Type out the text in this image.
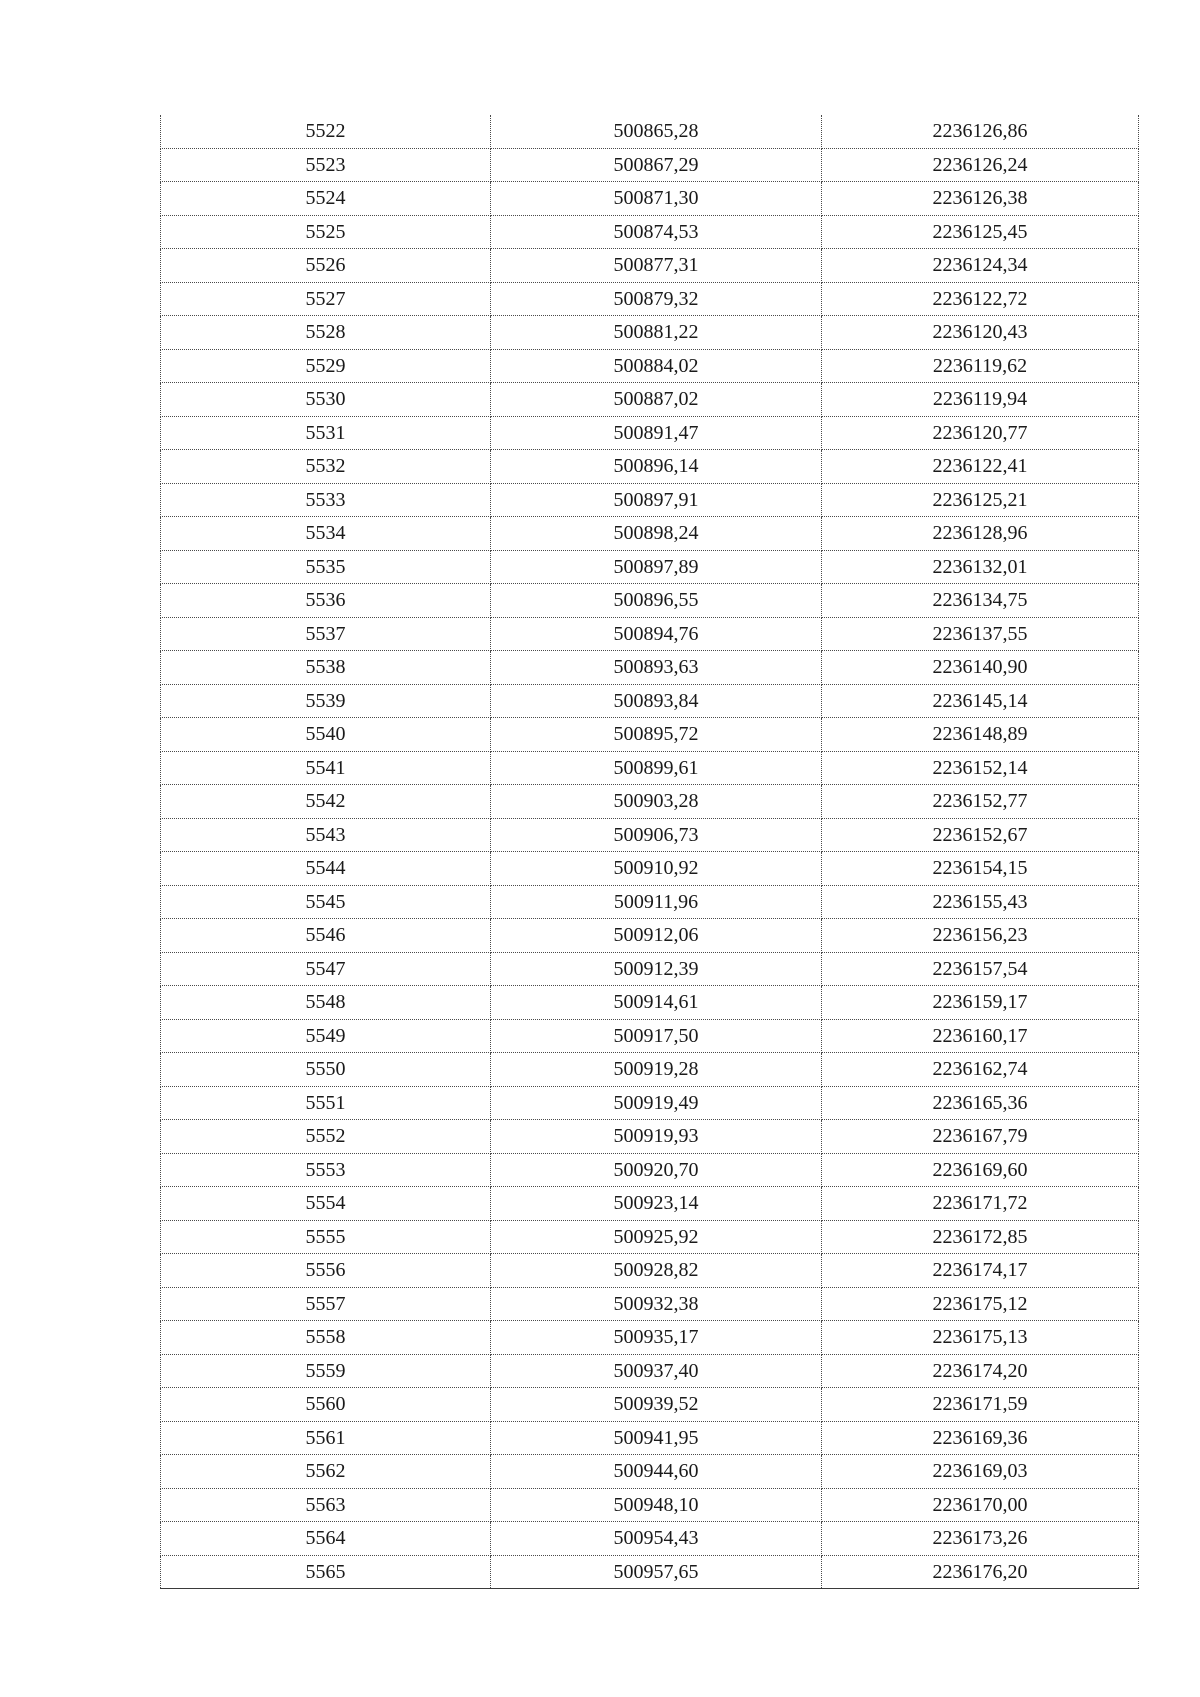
5522	500865,28	2236126,86
5523	500867,29	2236126,24
5524	500871,30	2236126,38
5525	500874,53	2236125,45
5526	500877,31	2236124,34
5527	500879,32	2236122,72
5528	500881,22	2236120,43
5529	500884,02	2236119,62
5530	500887,02	2236119,94
5531	500891,47	2236120,77
5532	500896,14	2236122,41
5533	500897,91	2236125,21
5534	500898,24	2236128,96
5535	500897,89	2236132,01
5536	500896,55	2236134,75
5537	500894,76	2236137,55
5538	500893,63	2236140,90
5539	500893,84	2236145,14
5540	500895,72	2236148,89
5541	500899,61	2236152,14
5542	500903,28	2236152,77
5543	500906,73	2236152,67
5544	500910,92	2236154,15
5545	500911,96	2236155,43
5546	500912,06	2236156,23
5547	500912,39	2236157,54
5548	500914,61	2236159,17
5549	500917,50	2236160,17
5550	500919,28	2236162,74
5551	500919,49	2236165,36
5552	500919,93	2236167,79
5553	500920,70	2236169,60
5554	500923,14	2236171,72
5555	500925,92	2236172,85
5556	500928,82	2236174,17
5557	500932,38	2236175,12
5558	500935,17	2236175,13
5559	500937,40	2236174,20
5560	500939,52	2236171,59
5561	500941,95	2236169,36
5562	500944,60	2236169,03
5563	500948,10	2236170,00
5564	500954,43	2236173,26
5565	500957,65	2236176,20
